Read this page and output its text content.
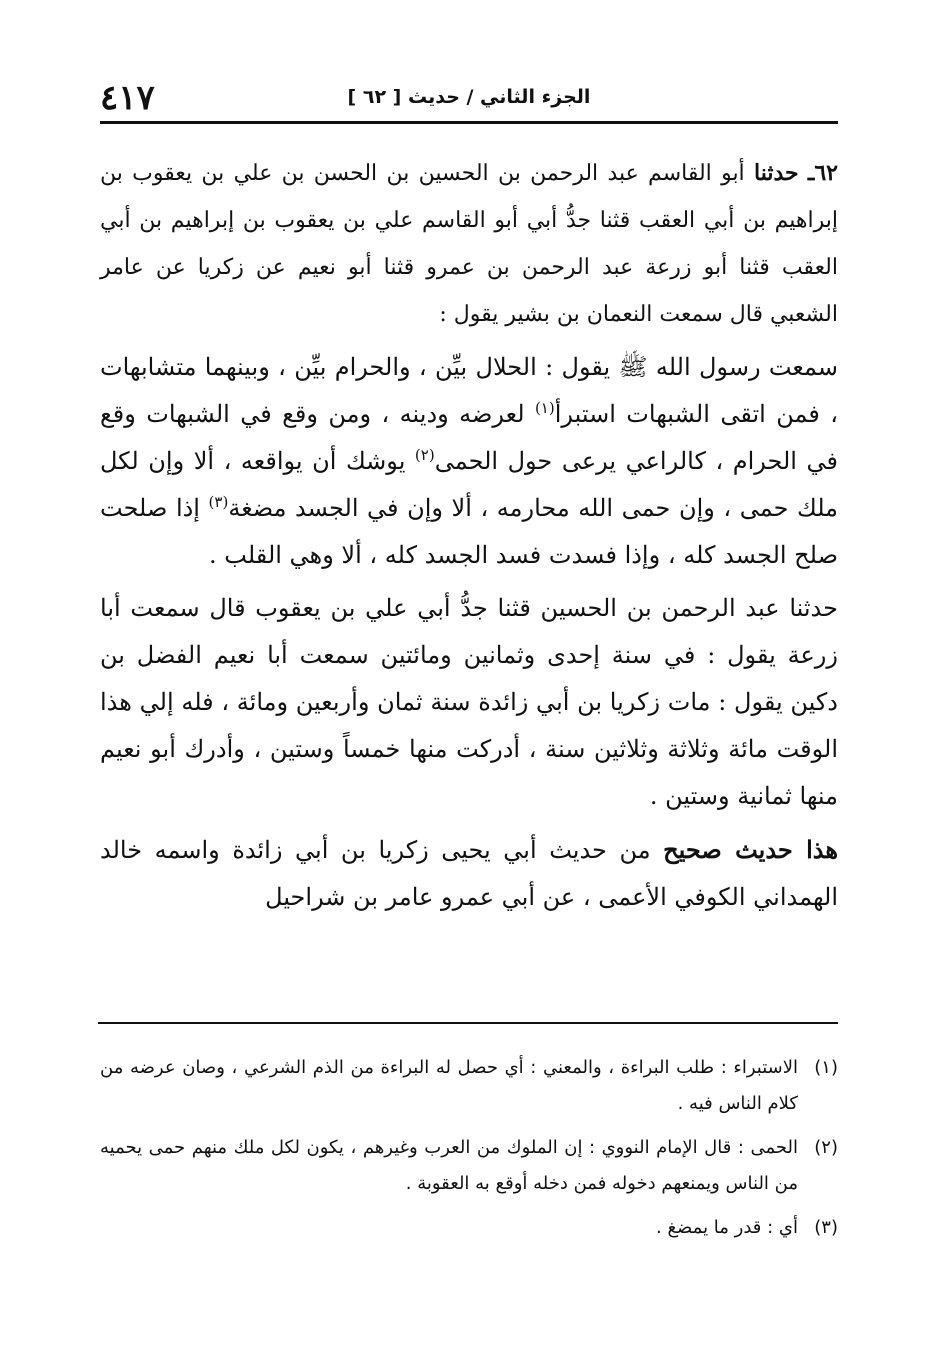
٤١٧	الجزء الثاني / حديث [ ٦٢ ]

٦٢ـ حدثنا أبو القاسم عبد الرحمن بن الحسين بن الحسن بن علي بن يعقوب بن إبراهيم بن أبي العقب قثنا جدُّ أبي أبو القاسم علي بن يعقوب بن إبراهيم بن أبي العقب قثنا أبو زرعة عبد الرحمن بن عمرو قثنا أبو نعيم عن زكريا عن عامر الشعبي قال سمعت النعمان بن بشير يقول :

سمعت رسول الله ﷺ يقول : الحلال بيِّن ، والحرام بيِّن ، وبينهما متشابهات ، فمن اتقى الشبهات استبرأ$^{(١)}$ لعرضه ودينه ، ومن وقع في الشبهات وقع في الحرام ، كالراعي يرعى حول الحمى$^{(٢)}$ يوشك أن يواقعه ، ألا وإن لكل ملك حمى ، وإن حمى الله محارمه ، ألا وإن في الجسد مضغة$^{(٣)}$ إذا صلحت صلح الجسد كله ، وإذا فسدت فسد الجسد كله ، ألا وهي القلب .

حدثنا عبد الرحمن بن الحسين قثنا جدُّ أبي علي بن يعقوب قال سمعت أبا زرعة يقول : في سنة إحدى وثمانين ومائتين سمعت أبا نعيم الفضل بن دكين يقول : مات زكريا بن أبي زائدة سنة ثمان وأربعين ومائة ، فله إلي هذا الوقت مائة وثلاثة وثلاثين سنة ، أدركت منها خمساً وستين ، وأدرك أبو نعيم منها ثمانية وستين .

هذا حديث صحيح من حديث أبي يحيى زكريا بن أبي زائدة واسمه خالد الهمداني الكوفي الأعمى ، عن أبي عمرو عامر بن شراحيل

(١)
الاستبراء : طلب البراءة ، والمعني : أي حصل له البراءة من الذم الشرعي ، وصان عرضه من كلام الناس فيه .

(٢)
الحمى : قال الإمام النووي : إن الملوك من العرب وغيرهم ، يكون لكل ملك منهم حمى يحميه من الناس ويمنعهم دخوله فمن دخله أوقع به العقوبة .

(٣)
أي : قدر ما يمضغ .
